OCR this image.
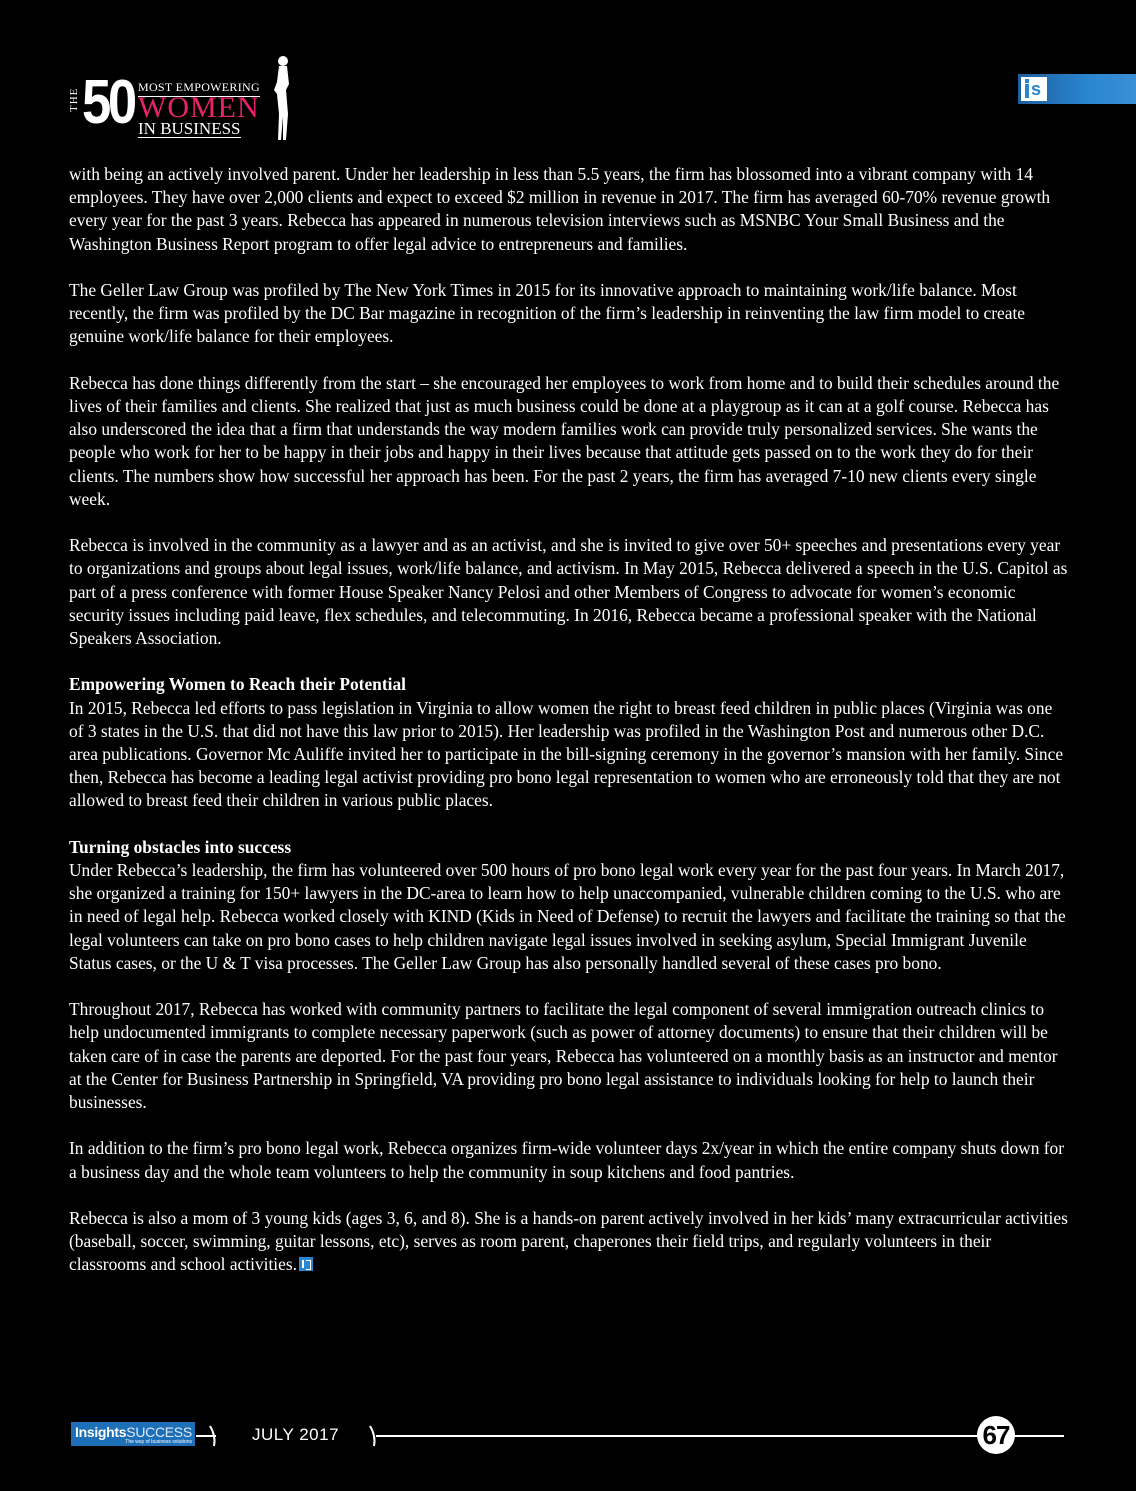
THE 50 MOST EMPOWERING
WOMEN
IN BUSINESS
s

with being an actively involved parent. Under her leadership in less than 5.5 years, the firm has blossomed into a vibrant company with 14 employees. They have over 2,000 clients and expect to exceed $2 million in revenue in 2017. The firm has averaged 60-70% revenue growth every year for the past 3 years. Rebecca has appeared in numerous television interviews such as MSNBC Your Small Business and the Washington Business Report program to offer legal advice to entrepreneurs and families.

The Geller Law Group was profiled by The New York Times in 2015 for its innovative approach to maintaining work/life balance. Most recently, the firm was profiled by the DC Bar magazine in recognition of the firm’s leadership in reinventing the law firm model to create genuine work/life balance for their employees.

Rebecca has done things differently from the start – she encouraged her employees to work from home and to build their schedules around the lives of their families and clients. She realized that just as much business could be done at a playgroup as it can at a golf course. Rebecca has also underscored the idea that a firm that understands the way modern families work can provide truly personalized services. She wants the people who work for her to be happy in their jobs and happy in their lives because that attitude gets passed on to the work they do for their clients. The numbers show how successful her approach has been. For the past 2 years, the firm has averaged 7-10 new clients every single week.

Rebecca is involved in the community as a lawyer and as an activist, and she is invited to give over 50+ speeches and presentations every year to organizations and groups about legal issues, work/life balance, and activism. In May 2015, Rebecca delivered a speech in the U.S. Capitol as part of a press conference with former House Speaker Nancy Pelosi and other Members of Congress to advocate for women’s economic security issues including paid leave, flex schedules, and telecommuting. In 2016, Rebecca became a professional speaker with the National Speakers Association.

Empowering Women to Reach their Potential

In 2015, Rebecca led efforts to pass legislation in Virginia to allow women the right to breast feed children in public places (Virginia was one of 3 states in the U.S. that did not have this law prior to 2015). Her leadership was profiled in the Washington Post and numerous other D.C. area publications. Governor Mc Auliffe invited her to participate in the bill-signing ceremony in the governor’s mansion with her family. Since then, Rebecca has become a leading legal activist providing pro bono legal representation to women who are erroneously told that they are not allowed to breast feed their children in various public places.

Turning obstacles into success

Under Rebecca’s leadership, the firm has volunteered over 500 hours of pro bono legal work every year for the past four years. In March 2017, she organized a training for 150+ lawyers in the DC-area to learn how to help unaccompanied, vulnerable children coming to the U.S. who are in need of legal help. Rebecca worked closely with KIND (Kids in Need of Defense) to recruit the lawyers and facilitate the training so that the legal volunteers can take on pro bono cases to help children navigate legal issues involved in seeking asylum, Special Immigrant Juvenile Status cases, or the U & T visa processes. The Geller Law Group has also personally handled several of these cases pro bono.

Throughout 2017, Rebecca has worked with community partners to facilitate the legal component of several immigration outreach clinics to help undocumented immigrants to complete necessary paperwork (such as power of attorney documents) to ensure that their children will be taken care of in case the parents are deported. For the past four years, Rebecca has volunteered on a monthly basis as an instructor and mentor at the Center for Business Partnership in Springfield, VA providing pro bono legal assistance to individuals looking for help to launch their businesses.

In addition to the firm’s pro bono legal work, Rebecca organizes firm-wide volunteer days 2x/year in which the entire company shuts down for a business day and the whole team volunteers to help the community in soup kitchens and food pantries.

Rebecca is also a mom of 3 young kids (ages 3, 6, and 8). She is a hands-on parent actively involved in her kids’ many extracurricular activities (baseball, soccer, swimming, guitar lessons, etc), serves as room parent, chaperones their field trips, and regularly volunteers in their classrooms and school activities.

InsightsSUCCESS
The way of business solutions	JULY 2017	67
